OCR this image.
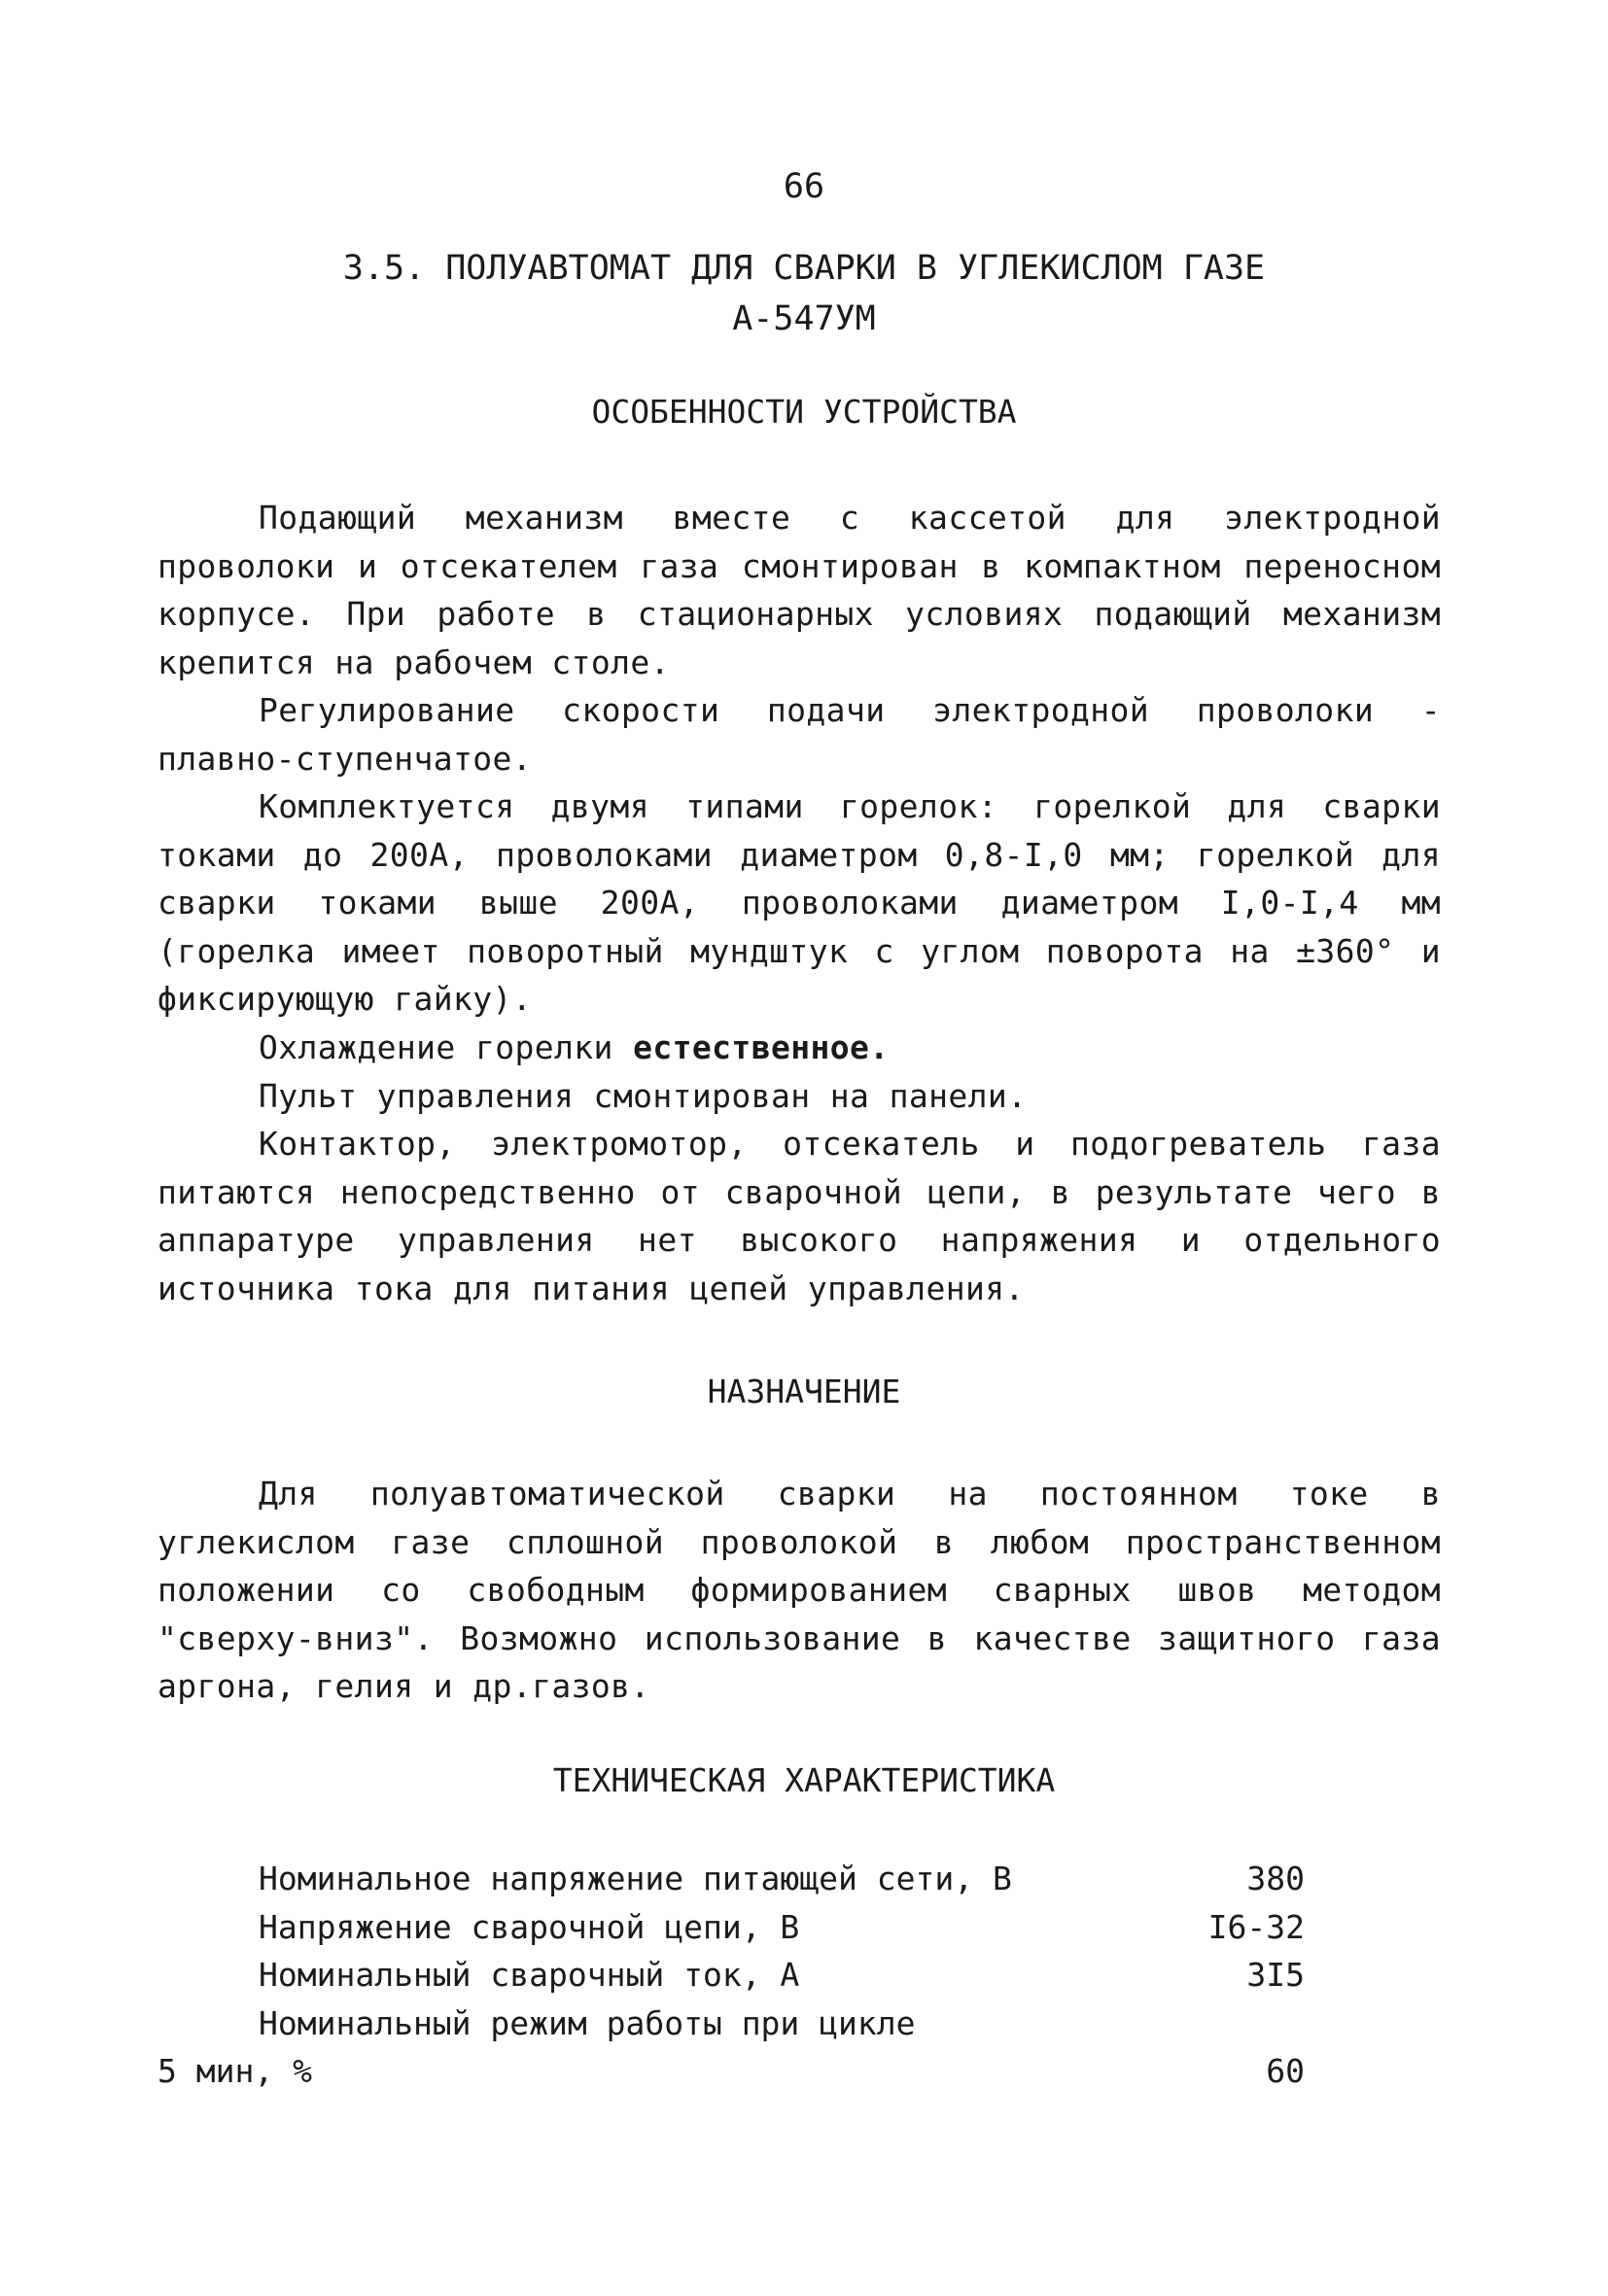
66
3.5. ПОЛУАВТОМАТ ДЛЯ СВАРКИ В УГЛЕКИСЛОМ ГАЗЕ
А-547УМ
ОСОБЕННОСТИ УСТРОЙСТВА

Подающий механизм вместе с кассетой для электродной проволоки и отсекателем газа смонтирован в компактном переносном корпусе. При работе в стационарных условиях подающий механизм крепится на рабочем столе.

Регулирование скорости подачи электродной проволоки - плавно-ступенчатое.

Комплектуется двумя типами горелок: горелкой для сварки токами до 200А, проволоками диаметром 0,8-I,0 мм; горелкой для сварки токами выше 200А, проволоками диаметром I,0-I,4 мм (горелка имеет поворотный мундштук с углом поворота на ±360° и фиксирующую гайку).

Охлаждение горелки естественное.

Пульт управления смонтирован на панели.

Контактор, электромотор, отсекатель и подогреватель газа питаются непосредственно от сварочной цепи, в результате чего в аппаратуре управления нет высокого напряжения и отдельного источника тока для питания цепей управления.

НАЗНАЧЕНИЕ

Для полуавтоматической сварки на постоянном токе в углекислом газе сплошной проволокой в любом пространственном положении со свободным формированием сварных швов методом "сверху-вниз". Возможно использование в качестве защитного газа аргона, гелия и др.газов.

ТЕХНИЧЕСКАЯ ХАРАКТЕРИСТИКА
Номинальное напряжение питающей сети, В	380
Напряжение сварочной цепи, В	I6-32
Номинальный сварочный ток, А	3I5
Номинальный режим работы при цикле
5 мин, %	60
